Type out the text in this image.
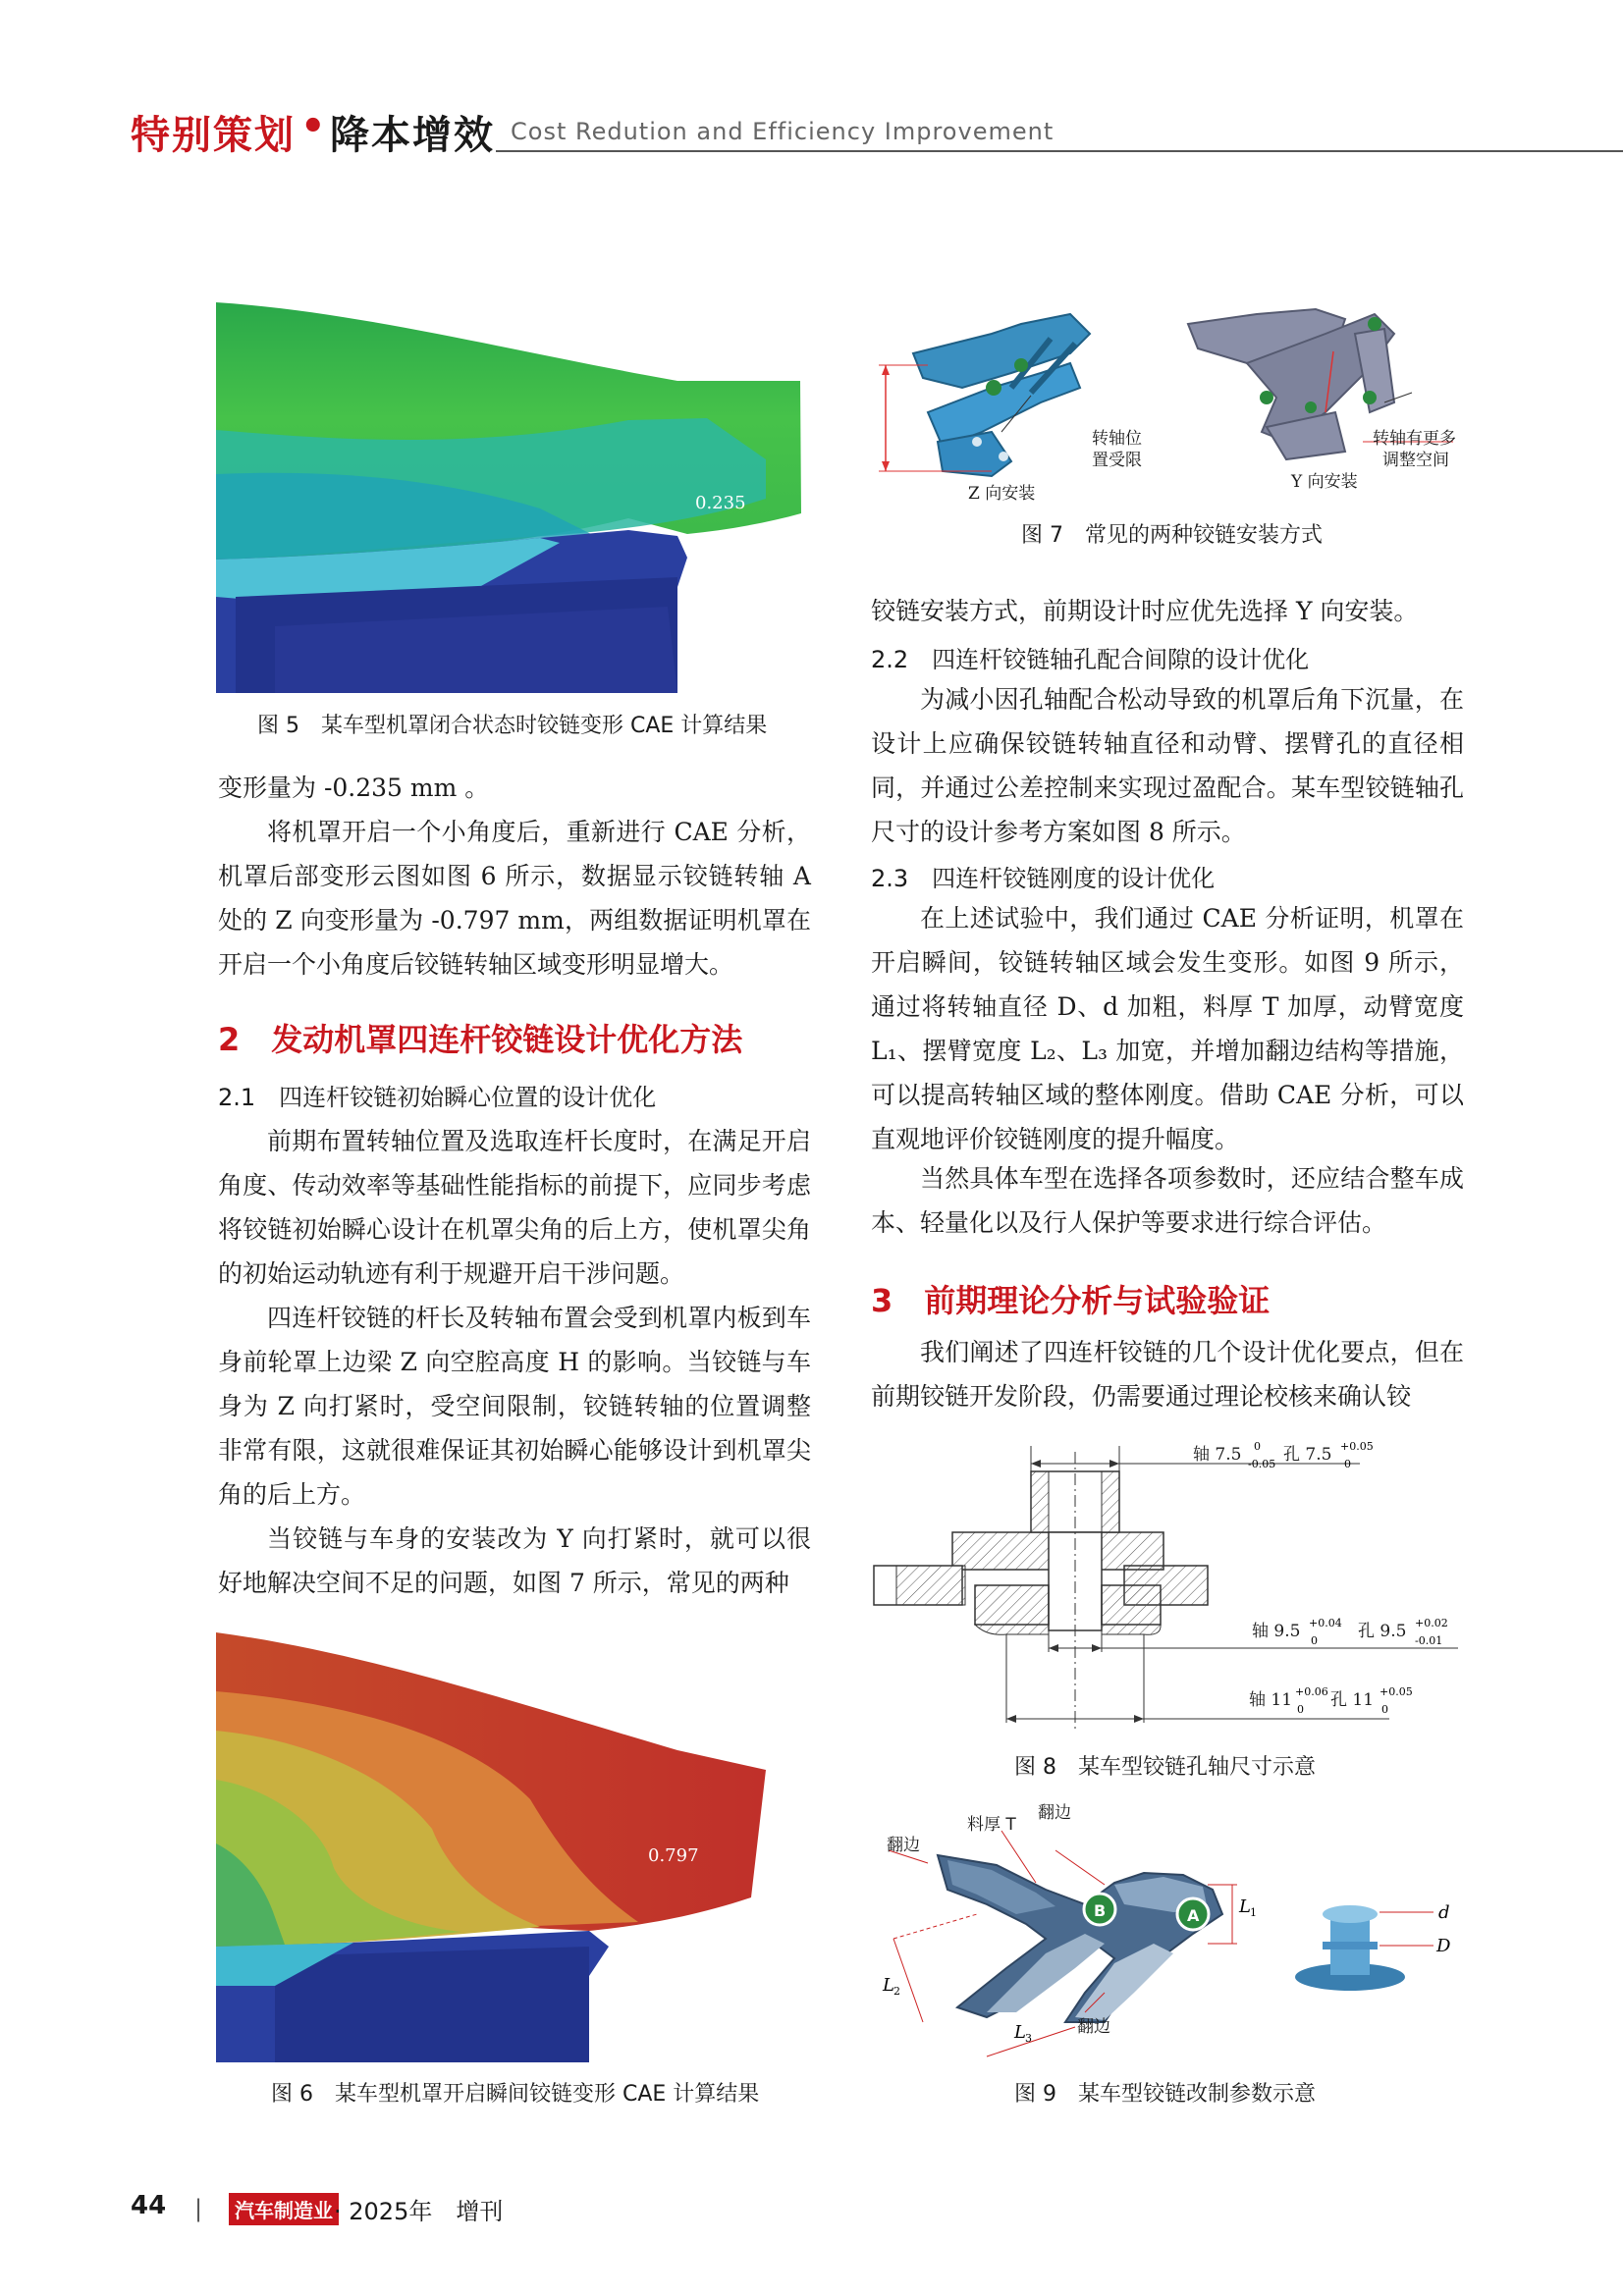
特别策划 • 降本增效 Cost Redution and Efficiency Improvement
0.235
图 5　某车型机罩闭合状态时铰链变形 CAE 计算结果
变形量为 -0.235 mm 。
将机罩开启一个小角度后，重新进行 CAE 分析，机罩后部变形云图如图 6 所示，数据显示铰链转轴 A 处的 Z 向变形量为 -0.797 mm，两组数据证明机罩在开启一个小角度后铰链转轴区域变形明显增大。
2　发动机罩四连杆铰链设计优化方法
2.1　四连杆铰链初始瞬心位置的设计优化
前期布置转轴位置及选取连杆长度时，在满足开启角度、传动效率等基础性能指标的前提下，应同步考虑将铰链初始瞬心设计在机罩尖角的后上方，使机罩尖角的初始运动轨迹有利于规避开启干涉问题。
四连杆铰链的杆长及转轴布置会受到机罩内板到车身前轮罩上边梁 Z 向空腔高度 H 的影响。当铰链与车身为 Z 向打紧时，受空间限制，铰链转轴的位置调整非常有限，这就很难保证其初始瞬心能够设计到机罩尖角的后上方。
当铰链与车身的安装改为 Y 向打紧时，就可以很好地解决空间不足的问题，如图 7 所示，常见的两种
0.797
图 6　某车型机罩开启瞬间铰链变形 CAE 计算结果
Z 向安装
Y 向安装
转轴位
置受限
转轴有更多
调整空间
图 7　常见的两种铰链安装方式
铰链安装方式，前期设计时应优先选择 Y 向安装。
2.2　四连杆铰链轴孔配合间隙的设计优化
为减小因孔轴配合松动导致的机罩后角下沉量，在设计上应确保铰链转轴直径和动臂、摆臂孔的直径相同，并通过公差控制来实现过盈配合。某车型铰链轴孔尺寸的设计参考方案如图 8 所示。
2.3　四连杆铰链刚度的设计优化
在上述试验中，我们通过 CAE 分析证明，机罩在开启瞬间，铰链转轴区域会发生变形。如图 9 所示，通过将转轴直径 D、d 加粗，料厚 T 加厚，动臂宽度 L₁、摆臂宽度 L₂、L₃ 加宽，并增加翻边结构等措施，可以提高转轴区域的整体刚度。借助 CAE 分析，可以直观地评价铰链刚度的提升幅度。
当然具体车型在选择各项参数时，还应结合整车成本、轻量化以及行人保护等要求进行综合评估。
3　前期理论分析与试验验证
我们阐述了四连杆铰链的几个设计优化要点，但在前期铰链开发阶段，仍需要通过理论校核来确认铰
轴 7.5 0
-0.05 孔 7.5 +0.05
0
轴 9.5 +0.04
0 孔 9.5 +0.02
-0.01
轴 11 +0.06
0 孔 11 +0.05
0
图 8　某车型铰链孔轴尺寸示意
B	A
料厚 T
翻边
翻边
翻边
L 1
L 2
L 3
d
D
图 9　某车型铰链改制参数示意
44 |	汽车制造业 · 2025年　增刊
